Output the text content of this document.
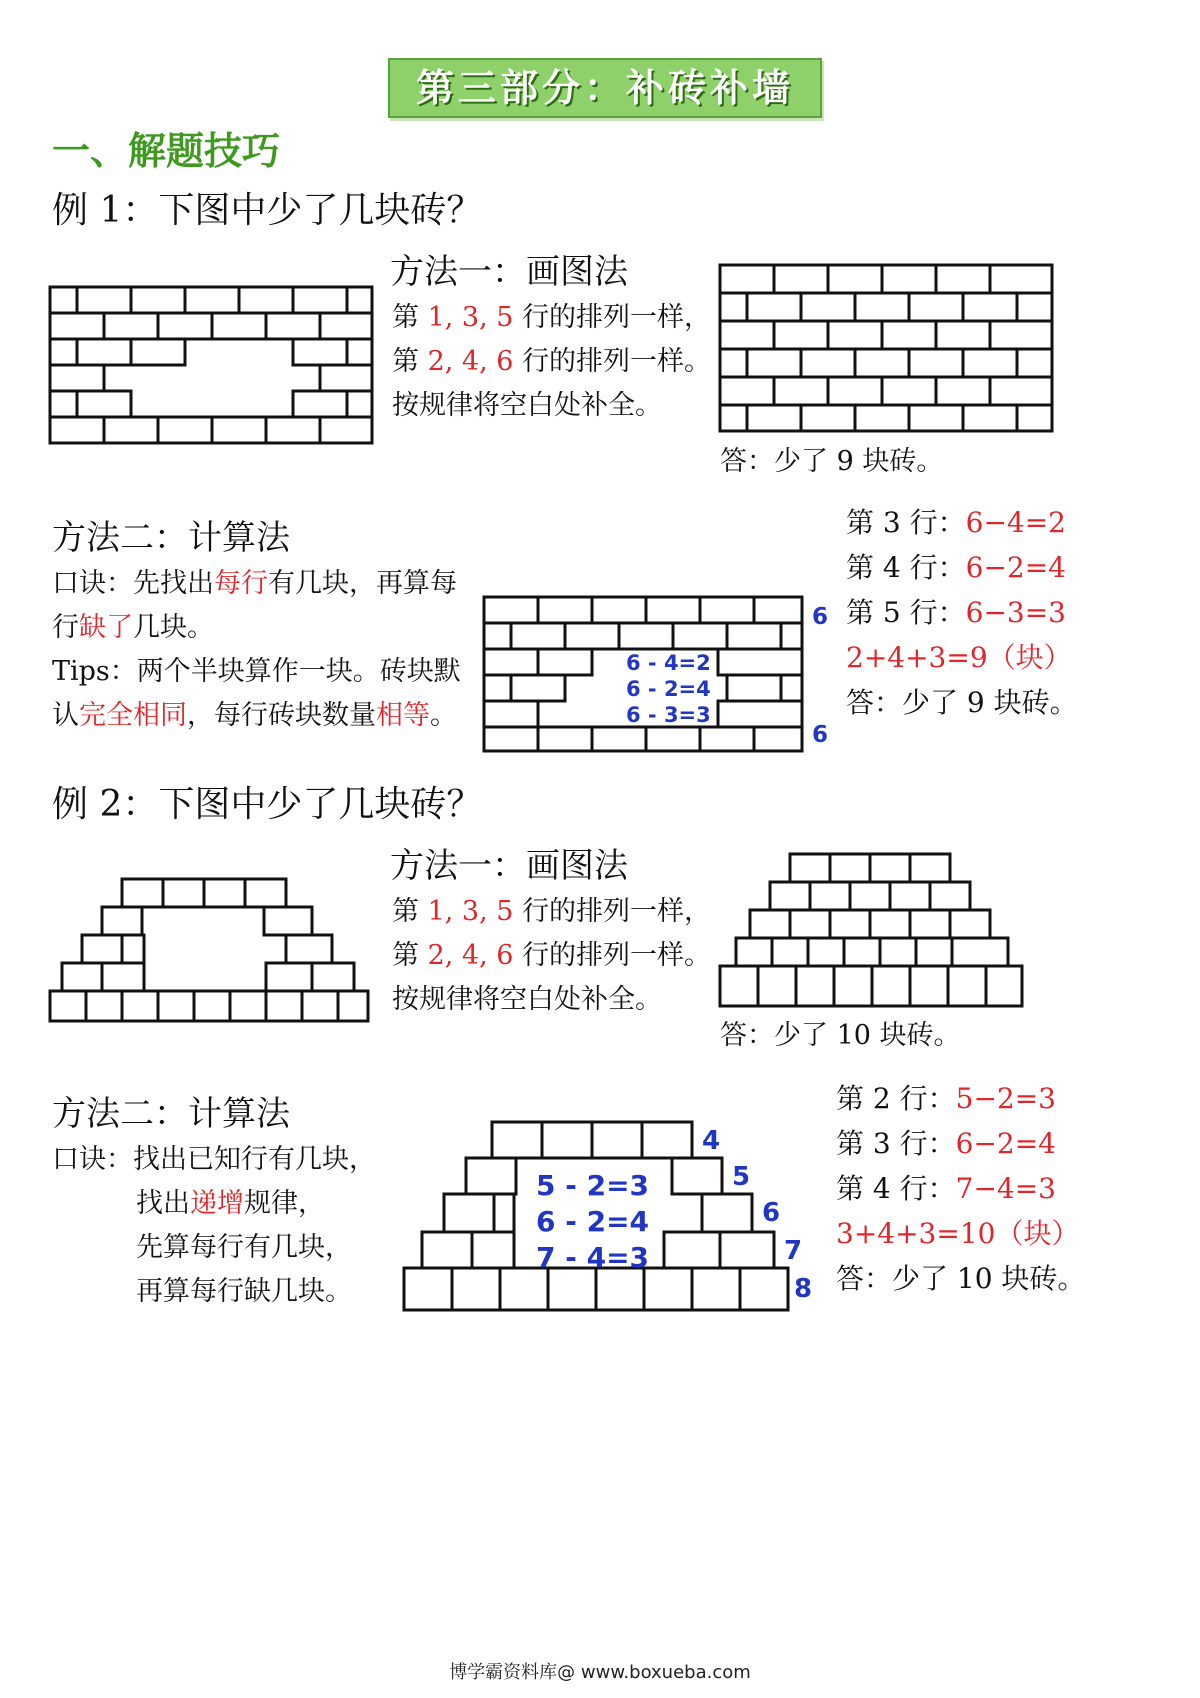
第三部分：补砖补墙
一、解题技巧
例 1：下图中少了几块砖？
方法一：画图法
第 1, 3, 5 行的排列一样，
第 2, 4, 6 行的排列一样。
按规律将空白处补全。
答：少了 9 块砖。
方法二：计算法
口诀：先找出每行有几块，再算每
行缺了几块。
Tips：两个半块算作一块。砖块默
认完全相同，每行砖块数量相等。
6 - 4=2
6 - 2=4
6 - 3=3
6
6
第 3 行：6−4=2
第 4 行：6−2=4
第 5 行：6−3=3
2+4+3=9（块）
答：少了 9 块砖。
例 2：下图中少了几块砖？
方法一：画图法
第 1, 3, 5 行的排列一样，
第 2, 4, 6 行的排列一样。
按规律将空白处补全。
答：少了 10 块砖。
方法二：计算法
口诀：找出已知行有几块，
找出递增规律，
先算每行有几块，
再算每行缺几块。
5 - 2=3
6 - 2=4
7 - 4=3
4
5
6
7
8
第 2 行：5−2=3
第 3 行：6−2=4
第 4 行：7−4=3
3+4+3=10（块）
答：少了 10 块砖。
博学霸资料库@ www.boxueba.com
